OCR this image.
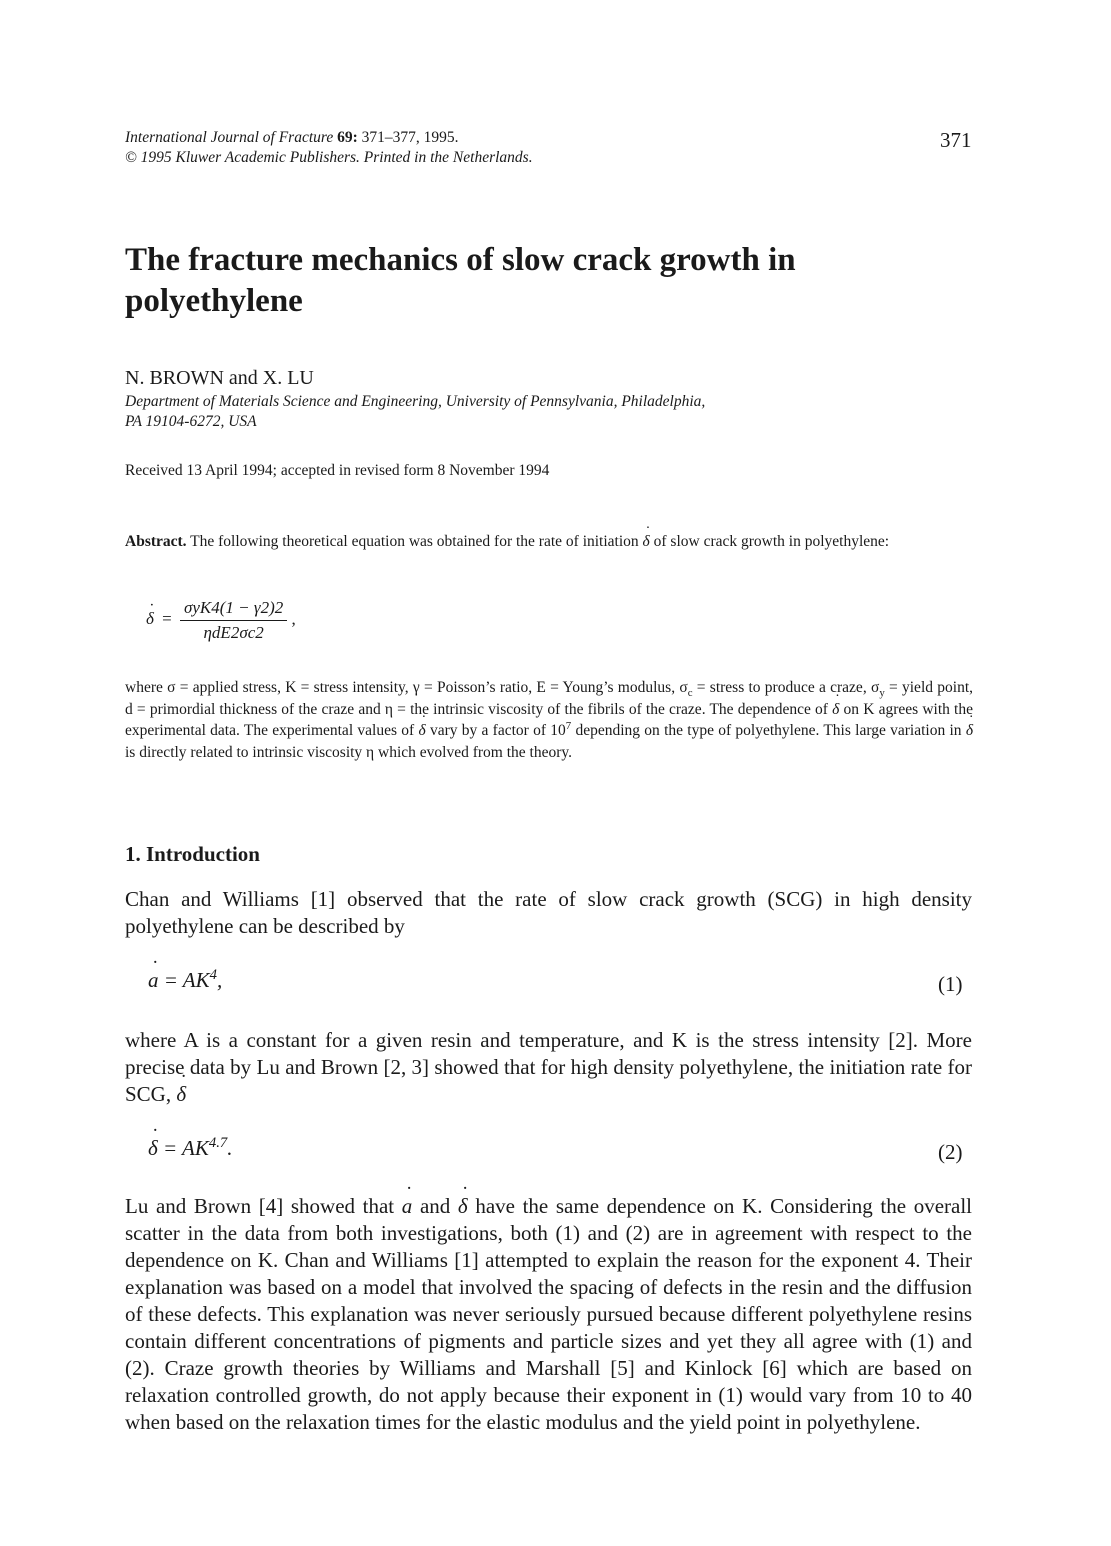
International Journal of Fracture 69: 371–377, 1995.
© 1995 Kluwer Academic Publishers. Printed in the Netherlands.
371
The fracture mechanics of slow crack growth in polyethylene
N. BROWN and X. LU
Department of Materials Science and Engineering, University of Pennsylvania, Philadelphia,
PA 19104-6272, USA
Received 13 April 1994; accepted in revised form 8 November 1994
Abstract. The following theoretical equation was obtained for the rate of initiation δ ˙ of slow crack growth in polyethylene:
δ ˙ = $\frac{\text{σyK4(1 − γ2)2}}{\text{ηdE2σc2}}$ ,
where σ = applied stress, K = stress intensity, γ = Poisson’s ratio, E = Young’s modulus, $\sigma_c$ = stress to produce a craze, $\sigma_y$ = yield point, d = primordial thickness of the craze and η = the intrinsic viscosity of the fibrils of the craze. The dependence of δ ˙ on K agrees with the experimental data. The experimental values of δ ˙ vary by a factor of $10^7$ depending on the type of polyethylene. This large variation in δ ˙ is directly related to intrinsic viscosity η which evolved from the theory.
1. Introduction
Chan and Williams [1] observed that the rate of slow crack growth (SCG) in high density polyethylene can be described by
a ˙ = $AK^4$,	(1)
where A is a constant for a given resin and temperature, and K is the stress intensity [2]. More precise data by Lu and Brown [2, 3] showed that for high density polyethylene, the initiation rate for SCG, δ ˙
δ ˙ = $AK^{4.7}$.	(2)
Lu and Brown [4] showed that a ˙ and δ ˙ have the same dependence on K. Considering the overall scatter in the data from both investigations, both (1) and (2) are in agreement with respect to the dependence on K. Chan and Williams [1] attempted to explain the reason for the exponent 4. Their explanation was based on a model that involved the spacing of defects in the resin and the diffusion of these defects. This explanation was never seriously pursued because different polyethylene resins contain different concentrations of pigments and particle sizes and yet they all agree with (1) and (2). Craze growth theories by Williams and Marshall [5] and Kinlock [6] which are based on relaxation controlled growth, do not apply because their exponent in (1) would vary from 10 to 40 when based on the relaxation times for the elastic modulus and the yield point in polyethylene.
